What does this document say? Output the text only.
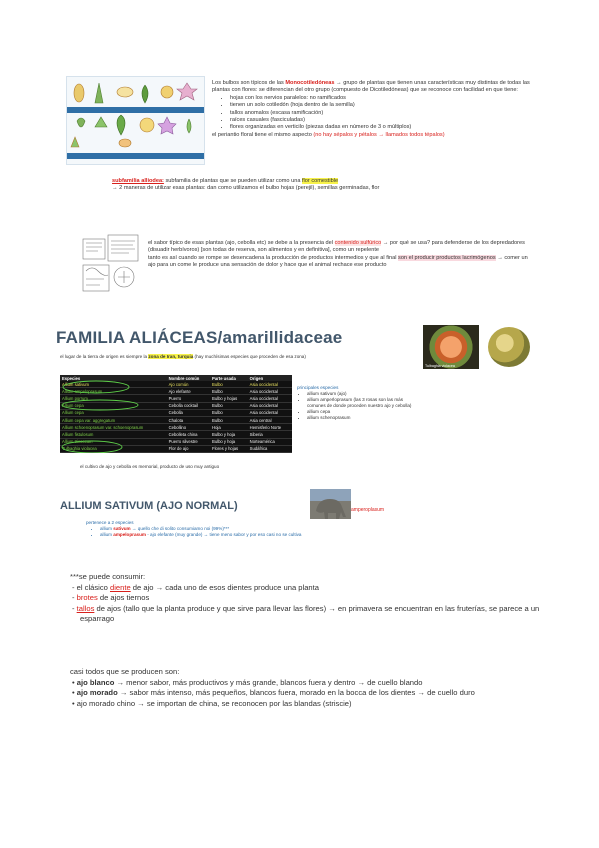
Los bulbos son típicos de las Monocotiledóneas → grupo de plantas que tienen unas características muy distintas de todas las plantas con flores: se diferencian del otro grupo (compuesto de Dicotiledóneas) que se reconoce con facilidad en que tiene:
• hojas con los nervios paralelos: no ramificados
• tienen un solo cotiledón (hoja dentro de la semilla)
• tallos anomalos (escasa ramificación)
• raíces casuales (fasciculadas)
• flores organizadas en verticilo (piezas dadas en número de 3 o múltiplos)
el periantio floral tiene el mismo aspecto (no hay sépalos y pétalos → llamados todos tépalos)
subfamilia alliodea: subfamilia de plantas que se pueden utilizar como una flor comestible
→ 2 maneras de utilizar esas plantas: dan como utilizamos el bulbo hojas (perejil), semillas germinadas, flor
el sabor típico de esas plantas (ajo, cebolla etc) se debe a la presencia del contenido sulfúrico → por qué se usa? para defenderse de los depredadores (disuadir herbívoros) [son todas de reserva, son alimentos y en definitiva], como un repelente
tanto es así cuando se rompe se desencadena la producción de productos intermedios y que al final son el producir productos lacrimógenos → comer un ajo para un come le produce una sensación de dolor y hace que el animal rechace ese producto
FAMILIA ALIÁCEAS/amarillidaceae
el lugar de la tierra de origen es siempre la zona de Iran, turquia (hay muchísimas especies que proceden de esa zona)
Especies	Nombre común	Parte usada	Origen
Allium sativum	Ajo común	Bulbo	Asia occidental
Allium ampeloprasum	Ajo elefante	Bulbo	Asia occidental
Allium porrum	Puerro	Bulbo y hojas	Asia occidental
Allium cepa	Cebolla cocktail	Bulbo	Asia occidental
Allium cepa	Cebolla	Bulbo	Asia occidental
Allium cepa var. aggregatum	Chalota	Bulbo	Asia central
Allium schoenoprasum var. schoenoprasum	Cebollino	Hoja	Hemisferio Norte
Allium fistulosum	Cebolleta china	Bulbo y hoja	Siberia
Allium tricoccum	Puerro silvestre	Bulbo y hoja	Norteamérica
Tulbaghia violacea	Flor de ajo	Flores y hojas	Sudáfrica
principales especies
• allium sativum (ajo)
• allium amperloprasum (las 3 rosas son las más comunes de donde proceden nuestro ajo y cebolla)
• allium cepa
• allium schenoprasum
Tulbaghia violacea
el cultivo de ajo y cebolla es memorial, producto de uso muy antiguo
ALLIUM SATIVUM (AJO NORMAL)	amperoplasum
pertenece a 2 especies
• allium sativum → quello che di solito consumiamo noi (99%)***
• allium ampeloprasum - ajo elefante (muy grande) → tiene meno sabor y por eso casi no se cultiva
***se puede consumir:
- el clásico diente de ajo → cada uno de esos dientes produce una planta
- brotes de ajos tiernos
- tallos de ajos (tallo que la planta produce y que sirve para llevar las flores) → en primavera se encuentran en las fruterías, se parece a un esparrago
casi todos que se producen son:
• ajo blanco → menor sabor, más productivos y más grande, blancos fuera y dentro → de cuello blando
• ajo morado → sabor más intenso, más pequeños, blancos fuera, morado en la bocca de los dientes → de cuello duro
• ajo morado chino → se importan de china, se reconocen por las blandas (striscie)
